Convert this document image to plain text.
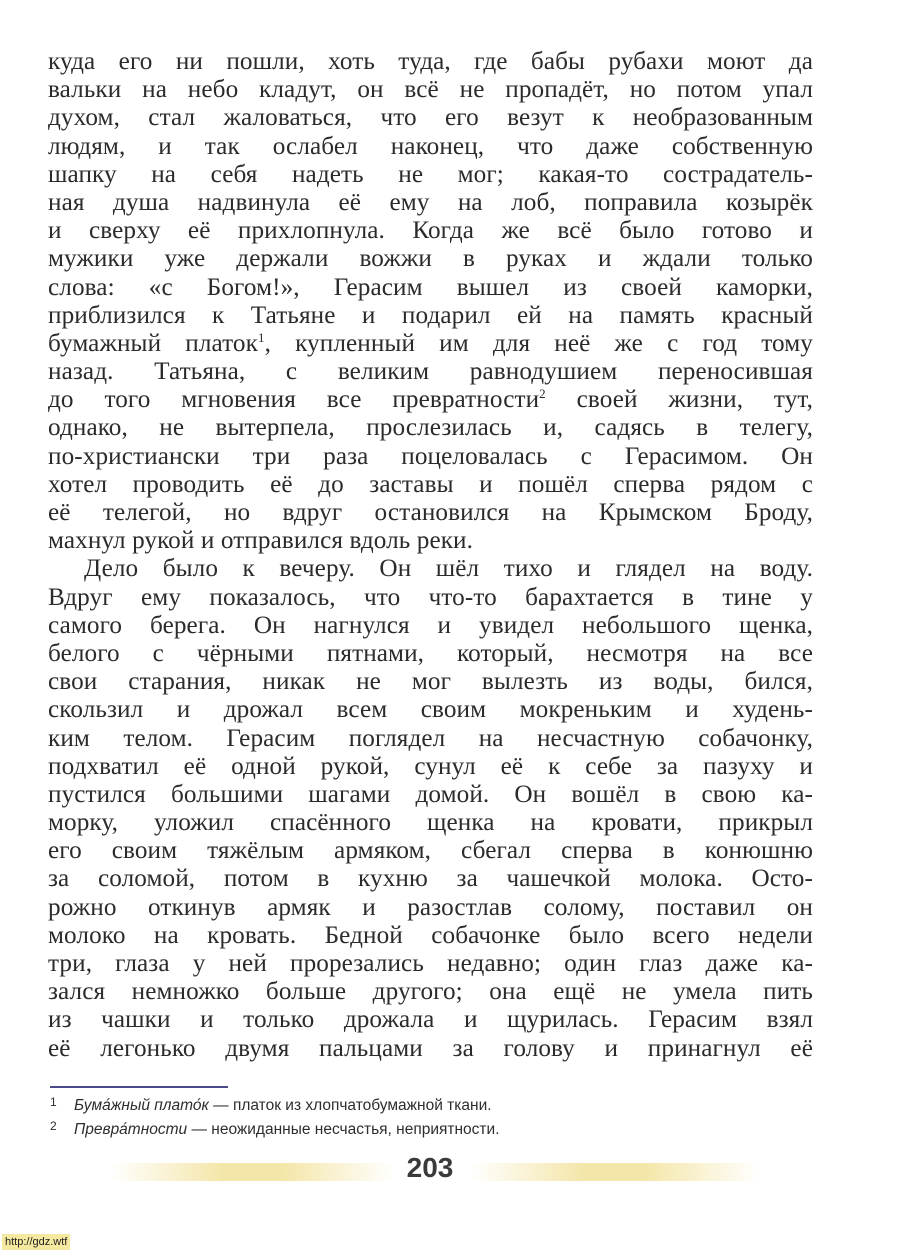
куда его ни пошли, хоть туда, где бабы рубахи моют да
вальки на небо кладут, он всё не пропадёт, но потом упал
духом, стал жаловаться, что его везут к необразованным
людям, и так ослабел наконец, что даже собственную
шапку на себя надеть не мог; какая-то сострадатель-
ная душа надвинула её ему на лоб, поправила козырёк
и сверху её прихлопнула. Когда же всё было готово и
мужики уже держали вожжи в руках и ждали только
слова: «с Богом!», Герасим вышел из своей каморки,
приблизился к Татьяне и подарил ей на память красный
бумажный платок$^1$, купленный им для неё же с год тому
назад. Татьяна, с великим равнодушием переносившая
до того мгновения все превратности$^2$ своей жизни, тут,
однако, не вытерпела, прослезилась и, садясь в телегу,
по-христиански три раза поцеловалась с Герасимом. Он
хотел проводить её до заставы и пошёл сперва рядом с
её телегой, но вдруг остановился на Крымском Броду,
махнул рукой и отправился вдоль реки.
Дело было к вечеру. Он шёл тихо и глядел на воду.
Вдруг ему показалось, что что-то барахтается в тине у
самого берега. Он нагнулся и увидел небольшого щенка,
белого с чёрными пятнами, который, несмотря на все
свои старания, никак не мог вылезть из воды, бился,
скользил и дрожал всем своим мокреньким и худень-
ким телом. Герасим поглядел на несчастную собачонку,
подхватил её одной рукой, сунул её к себе за пазуху и
пустился большими шагами домой. Он вошёл в свою ка-
морку, уложил спасённого щенка на кровати, прикрыл
его своим тяжёлым армяком, сбегал сперва в конюшню
за соломой, потом в кухню за чашечкой молока. Осто-
рожно откинув армяк и разостлав солому, поставил он
молоко на кровать. Бедной собачонке было всего недели
три, глаза у ней прорезались недавно; один глаз даже ка-
зался немножко больше другого; она ещё не умела пить
из чашки и только дрожала и щурилась. Герасим взял
её легонько двумя пальцами за голову и принагнул её
1 Бума́жный плато́к — платок из хлопчатобумажной ткани.
2 Превра́тности — неожиданные несчастья, неприятности.
203
http://gdz.wtf
